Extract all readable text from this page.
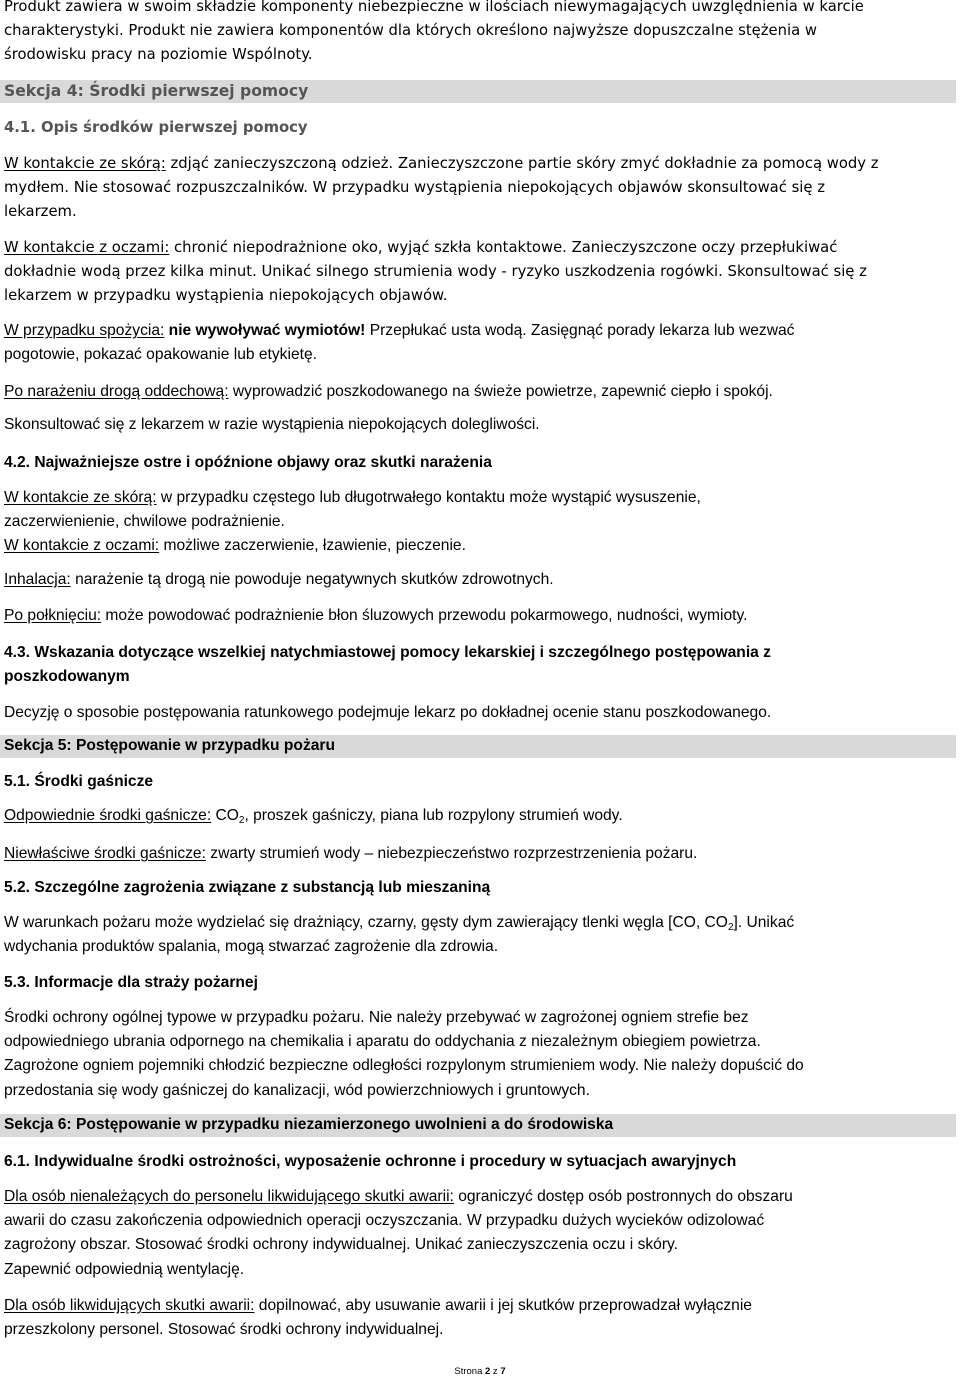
Produkt zawiera w swoim składzie komponenty niebezpieczne w ilościach niewymagających uwzględnienia w karcie
charakterystyki. Produkt nie zawiera komponentów dla których określono najwyższe dopuszczalne stężenia w
środowisku pracy na poziomie Wspólnoty.
Sekcja 4: Środki pierwszej pomocy
4.1. Opis środków pierwszej pomocy
W kontakcie ze skórą: zdjąć zanieczyszczoną odzież. Zanieczyszczone partie skóry zmyć dokładnie za pomocą wody z
mydłem. Nie stosować rozpuszczalników. W przypadku wystąpienia niepokojących objawów skonsultować się z
lekarzem.
W kontakcie z oczami: chronić niepodrażnione oko, wyjąć szkła kontaktowe. Zanieczyszczone oczy przepłukiwać
dokładnie wodą przez kilka minut. Unikać silnego strumienia wody - ryzyko uszkodzenia rogówki. Skonsultować się z
lekarzem w przypadku wystąpienia niepokojących objawów.
W przypadku spożycia: nie wywoływać wymiotów! Przepłukać usta wodą. Zasięgnąć porady lekarza lub wezwać
pogotowie, pokazać opakowanie lub etykietę.
Po narażeniu drogą oddechową: wyprowadzić poszkodowanego na świeże powietrze, zapewnić ciepło i spokój.
Skonsultować się z lekarzem w razie wystąpienia niepokojących dolegliwości.
4.2. Najważniejsze ostre i opóźnione objawy oraz skutki narażenia
W kontakcie ze skórą: w przypadku częstego lub długotrwałego kontaktu może wystąpić wysuszenie,
zaczerwienienie, chwilowe podrażnienie.
W kontakcie z oczami: możliwe zaczerwienie, łzawienie, pieczenie.
Inhalacja: narażenie tą drogą nie powoduje negatywnych skutków zdrowotnych.
Po połknięciu: może powodować podrażnienie błon śluzowych przewodu pokarmowego, nudności, wymioty.
4.3. Wskazania dotyczące wszelkiej natychmiastowej pomocy lekarskiej i szczególnego postępowania z
poszkodowanym
Decyzję o sposobie postępowania ratunkowego podejmuje lekarz po dokładnej ocenie stanu poszkodowanego.
Sekcja 5: Postępowanie w przypadku pożaru
5.1. Środki gaśnicze
Odpowiednie środki gaśnicze: $CO_2$, proszek gaśniczy, piana lub rozpylony strumień wody.
Niewłaściwe środki gaśnicze: zwarty strumień wody – niebezpieczeństwo rozprzestrzenienia pożaru.
5.2. Szczególne zagrożenia związane z substancją lub mieszaniną
W warunkach pożaru może wydzielać się drażniący, czarny, gęsty dym zawierający tlenki węgla [CO, $CO_2$]. Unikać
wdychania produktów spalania, mogą stwarzać zagrożenie dla zdrowia.
5.3. Informacje dla straży pożarnej
Środki ochrony ogólnej typowe w przypadku pożaru. Nie należy przebywać w zagrożonej ogniem strefie bez
odpowiedniego ubrania odpornego na chemikalia i aparatu do oddychania z niezależnym obiegiem powietrza.
Zagrożone ogniem pojemniki chłodzić bezpieczne odległości rozpylonym strumieniem wody. Nie należy dopuścić do
przedostania się wody gaśniczej do kanalizacji, wód powierzchniowych i gruntowych.
Sekcja 6: Postępowanie w przypadku niezamierzonego uwolnieni a do środowiska
6.1. Indywidualne środki ostrożności, wyposażenie ochronne i procedury w sytuacjach awaryjnych
Dla osób nienależących do personelu likwidującego skutki awarii: ograniczyć dostęp osób postronnych do obszaru
awarii do czasu zakończenia odpowiednich operacji oczyszczania. W przypadku dużych wycieków odizolować
zagrożony obszar. Stosować środki ochrony indywidualnej. Unikać zanieczyszczenia oczu i skóry.
Zapewnić odpowiednią wentylację.
Dla osób likwidujących skutki awarii: dopilnować, aby usuwanie awarii i jej skutków przeprowadzał wyłącznie
przeszkolony personel. Stosować środki ochrony indywidualnej.
Strona 2 z 7
